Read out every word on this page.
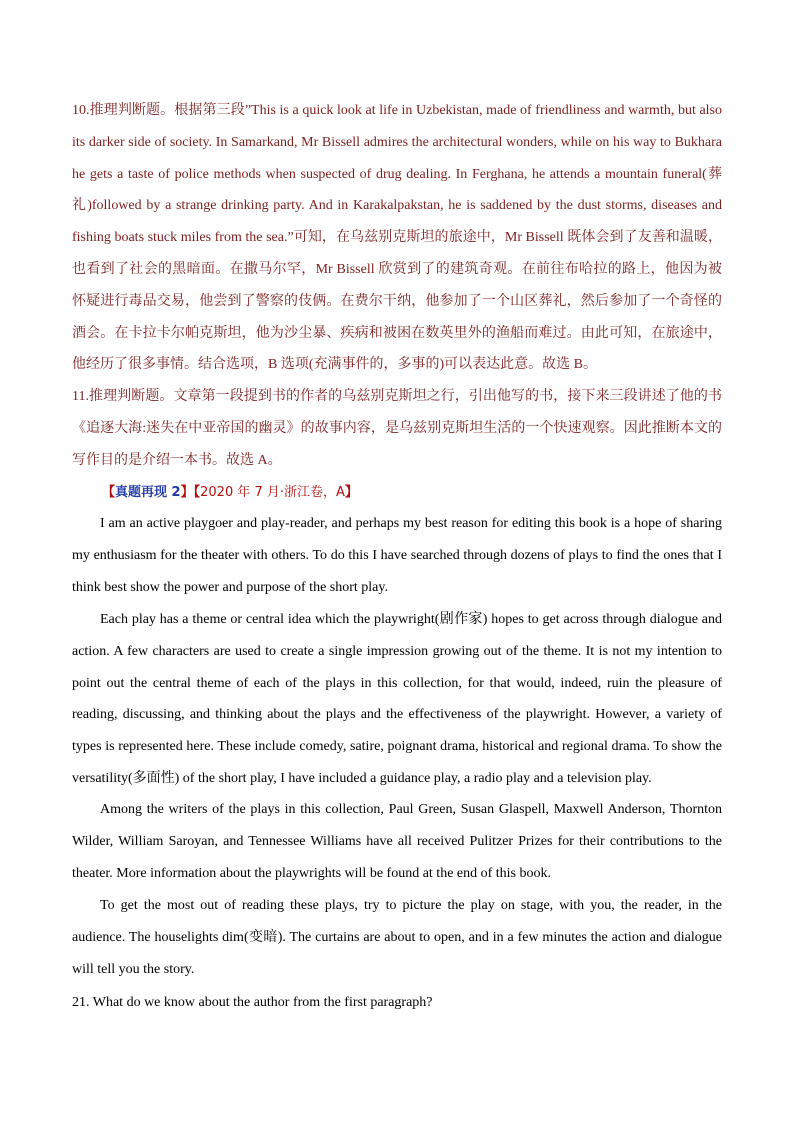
10.推理判断题。根据第三段”This is a quick look at life in Uzbekistan, made of friendliness and warmth, but also its darker side of society. In Samarkand, Mr Bissell admires the architectural wonders, while on his way to Bukhara he gets a taste of police methods when suspected of drug dealing. In Ferghana, he attends a mountain funeral(葬礼)followed by a strange drinking party. And in Karakalpakstan, he is saddened by the dust storms, diseases and fishing boats stuck miles from the sea.”可知，在乌兹别克斯坦的旅途中，Mr Bissell 既体会到了友善和温暖，也看到了社会的黑暗面。在撒马尔罕，Mr Bissell 欣赏到了的建筑奇观。在前往布哈拉的路上，他因为被怀疑进行毒品交易，他尝到了警察的伎俩。在费尔干纳，他参加了一个山区葬礼，然后参加了一个奇怪的酒会。在卡拉卡尔帕克斯坦，他为沙尘暴、疾病和被困在数英里外的渔船而难过。由此可知，在旅途中，他经历了很多事情。结合选项，B 选项(充满事件的，多事的)可以表达此意。故选 B。
11.推理判断题。文章第一段提到书的作者的乌兹别克斯坦之行，引出他写的书，接下来三段讲述了他的书《追逐大海:迷失在中亚帝国的幽灵》的故事内容，是乌兹别克斯坦生活的一个快速观察。因此推断本文的写作目的是介绍一本书。故选 A。
【真题再现 2】【2020 年 7 月·浙江卷，A】
I am an active playgoer and play-reader, and perhaps my best reason for editing this book is a hope of sharing my enthusiasm for the theater with others. To do this I have searched through dozens of plays to find the ones that I think best show the power and purpose of the short play.
Each play has a theme or central idea which the playwright(剧作家) hopes to get across through dialogue and action. A few characters are used to create a single impression growing out of the theme. It is not my intention to point out the central theme of each of the plays in this collection, for that would, indeed, ruin the pleasure of reading, discussing, and thinking about the plays and the effectiveness of the playwright. However, a variety of types is represented here. These include comedy, satire, poignant drama, historical and regional drama. To show the versatility(多面性) of the short play, I have included a guidance play, a radio play and a television play.
Among the writers of the plays in this collection, Paul Green, Susan Glaspell, Maxwell Anderson, Thornton Wilder, William Saroyan, and Tennessee Williams have all received Pulitzer Prizes for their contributions to the theater. More information about the playwrights will be found at the end of this book.
To get the most out of reading these plays, try to picture the play on stage, with you, the reader, in the audience. The houselights dim(变暗). The curtains are about to open, and in a few minutes the action and dialogue will tell you the story.
21. What do we know about the author from the first paragraph?
